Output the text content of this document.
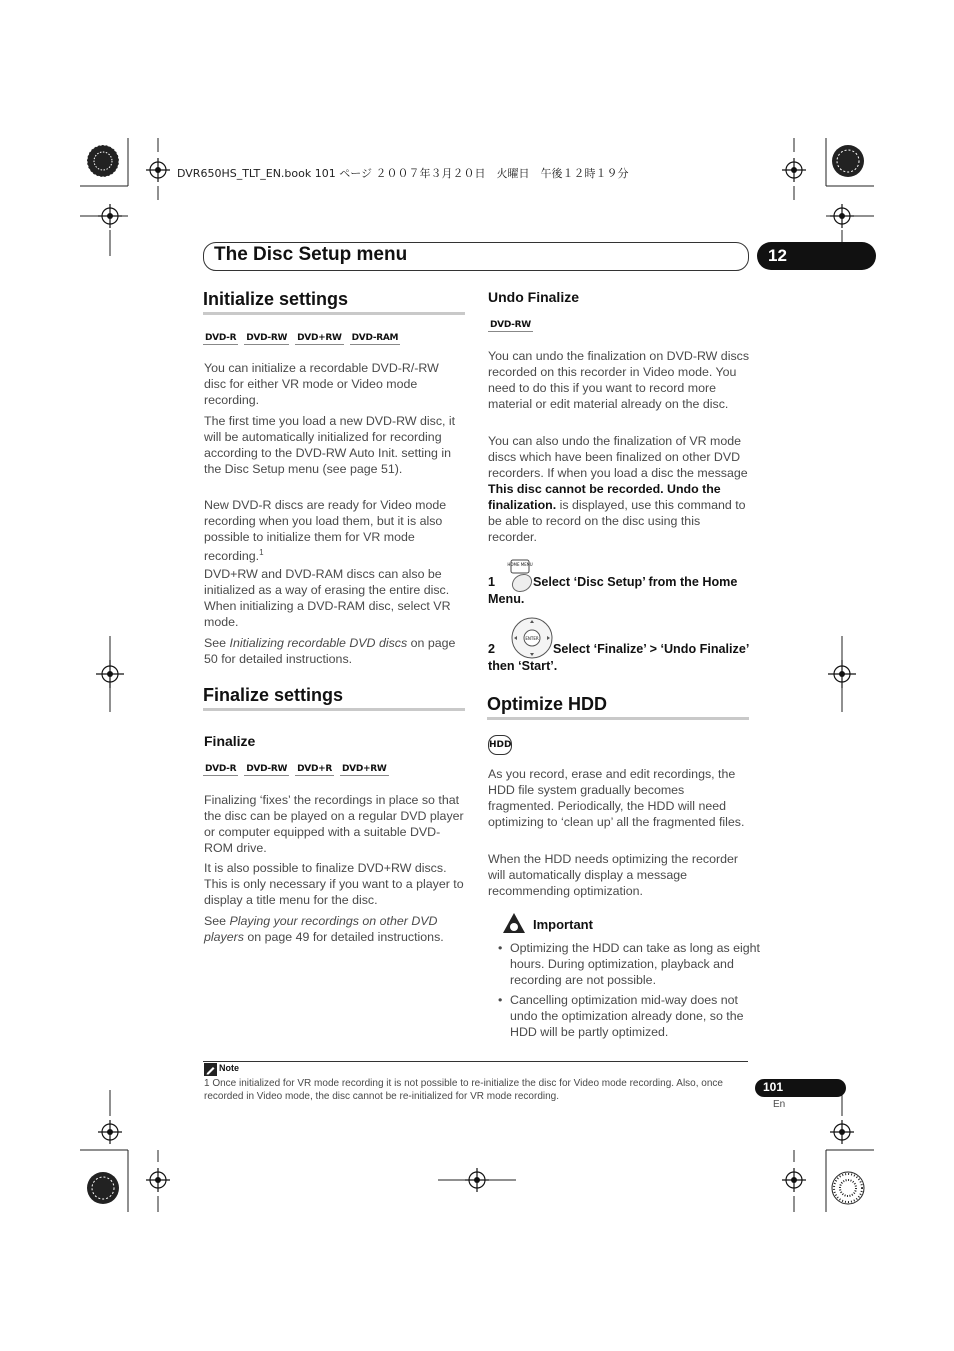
DVR650HS_TLT_EN.book 101 ページ ２００７年３月２０日　火曜日　午後１２時１９分
The Disc Setup menu	12
Initialize settings
DVD-R DVD-RW DVD+RW DVD-RAM

You can initialize a recordable DVD-R/-RW disc for either VR mode or Video mode recording.

The first time you load a new DVD-RW disc, it will be automatically initialized for recording according to the DVD-RW Auto Init. setting in the Disc Setup menu (see page 51).

New DVD-R discs are ready for Video mode recording when you load them, but it is also possible to initialize them for VR mode recording.$^1$

DVD+RW and DVD-RAM discs can also be initialized as a way of erasing the entire disc. When initializing a DVD-RAM disc, select VR mode.

See Initializing recordable DVD discs on page 50 for detailed instructions.

Finalize settings
Finalize
DVD-R DVD-RW DVD+R DVD+RW

Finalizing ‘fixes’ the recordings in place so that the disc can be played on a regular DVD player or computer equipped with a suitable DVD-ROM drive.

It is also possible to finalize DVD+RW discs. This is only necessary if you want to a player to display a title menu for the disc.

See Playing your recordings on other DVD players on page 49 for detailed instructions.

Undo Finalize
DVD-RW

You can undo the finalization on DVD-RW discs recorded on this recorder in Video mode. You need to do this if you want to record more material or edit material already on the disc.

You can also undo the finalization of VR mode discs which have been finalized on other DVD recorders. If when you load a disc the message This disc cannot be recorded. Undo the finalization. is displayed, use this command to be able to record on the disc using this recorder.

HOME MENU

1	Select ‘Disc Setup’ from the Home Menu.

ENTER

2	Select ‘Finalize’ > ‘Undo Finalize’ then ‘Start’.

Optimize HDD
HDD

As you record, erase and edit recordings, the HDD file system gradually becomes fragmented. Periodically, the HDD will need optimizing to ‘clean up’ all the fragmented files.

When the HDD needs optimizing the recorder will automatically display a message recommending optimization.

Important

• Optimizing the HDD can take as long as eight hours. During optimization, playback and recording are not possible.

• Cancelling optimization mid-way does not undo the optimization already done, so the HDD will be partly optimized.

Note

1 Once initialized for VR mode recording it is not possible to re-initialize the disc for Video mode recording. Also, once recorded in Video mode, the disc cannot be re-initialized for VR mode recording.

101
En
